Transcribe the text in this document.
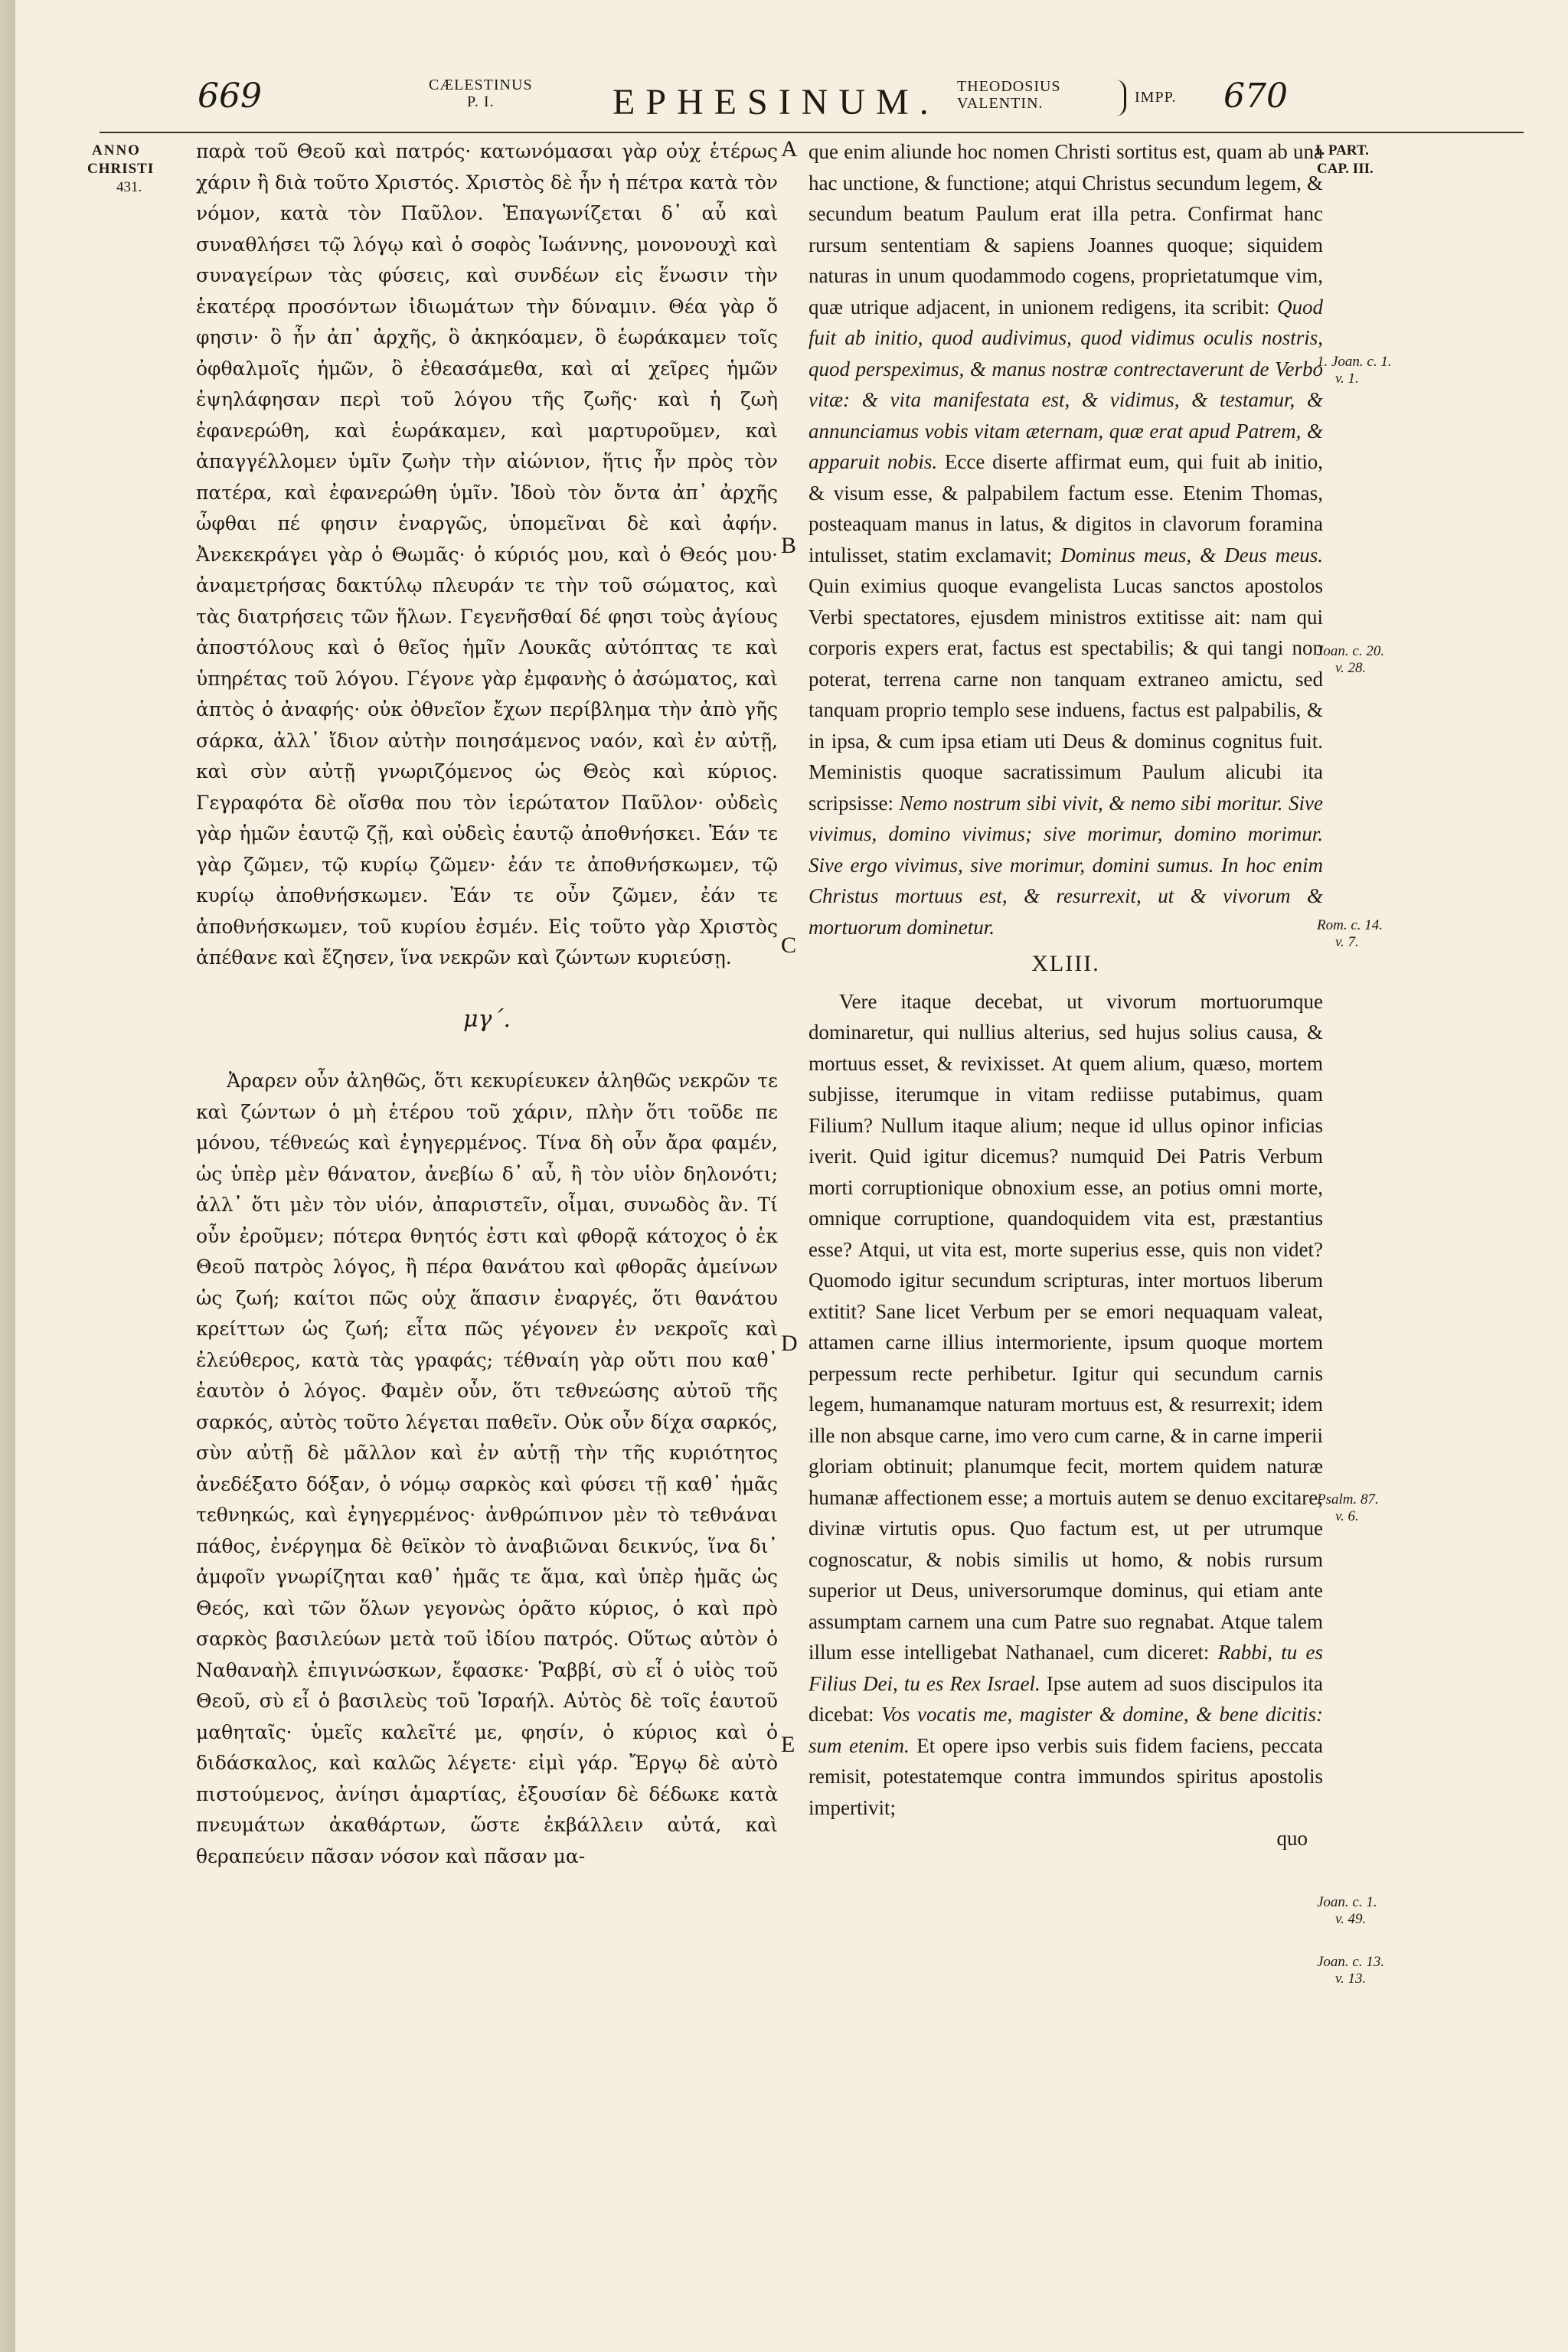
669	CÆLESTINUS
P. I.	EPHESINUM. THEODOSIUS
VALENTIN.	IMPP. 670
ANNO
CHRISTI
431.
I. PART.
CAP. III.
1. Joan. c. 1.
v. 1.
Joan. c. 20.
v. 28.
Rom. c. 14.
v. 7.
Psalm. 87.
v. 6.
Joan. c. 1.
v. 49.
Joan. c. 13.
v. 13.
A
B
C
D
E

παρὰ τοῦ Θεοῦ καὶ πατρός· κατωνόμασαι γὰρ οὐχ ἑτέρως χάριν ἢ διὰ τοῦτο Χριστός. Χριστὸς δὲ ἦν ἡ πέτρα κατὰ τὸν νόμον, κατὰ τὸν Παῦλον. Ἐπαγωνίζεται δ᾽ αὖ καὶ συναθλήσει τῷ λόγῳ καὶ ὁ σοφὸς Ἰωάννης, μονονουχὶ καὶ συναγείρων τὰς φύσεις, καὶ συνδέων εἰς ἕνωσιν τὴν ἑκατέρᾳ προσόντων ἰδιωμάτων τὴν δύναμιν. Θέα γὰρ ὅ φησιν· ὃ ἦν ἀπ᾽ ἀρχῆς, ὃ ἀκηκόαμεν, ὃ ἑωράκαμεν τοῖς ὀφθαλμοῖς ἡμῶν, ὃ ἐθεασάμεθα, καὶ αἱ χεῖρες ἡμῶν ἐψηλάφησαν περὶ τοῦ λόγου τῆς ζωῆς· καὶ ἡ ζωὴ ἐφανερώθη, καὶ ἑωράκαμεν, καὶ μαρτυροῦμεν, καὶ ἀπαγγέλλομεν ὑμῖν ζωὴν τὴν αἰώνιον, ἥτις ἦν πρὸς τὸν πατέρα, καὶ ἐφανερώθη ὑμῖν. Ἰδοὺ τὸν ὄντα ἀπ᾽ ἀρχῆς ὦφθαι πέ φησιν ἐναργῶς, ὑπομεῖναι δὲ καὶ ἀφήν. Ἀνεκεκράγει γὰρ ὁ Θωμᾶς· ὁ κύριός μου, καὶ ὁ Θεός μου· ἀναμετρήσας δακτύλῳ πλευράν τε τὴν τοῦ σώματος, καὶ τὰς διατρήσεις τῶν ἥλων. Γεγενῆσθαί δέ φησι τοὺς ἁγίους ἀποστόλους καὶ ὁ θεῖος ἡμῖν Λουκᾶς αὐτόπτας τε καὶ ὑπηρέτας τοῦ λόγου. Γέγονε γὰρ ἐμφανὴς ὁ ἀσώματος, καὶ ἁπτὸς ὁ ἀναφής· οὐκ ὀθνεῖον ἔχων περίβλημα τὴν ἀπὸ γῆς σάρκα, ἀλλ᾽ ἴδιον αὐτὴν ποιησάμενος ναόν, καὶ ἐν αὐτῇ, καὶ σὺν αὐτῇ γνωριζόμενος ὡς Θεὸς καὶ κύριος. Γεγραφότα δὲ οἴσθα που τὸν ἱερώτατον Παῦλον· οὐδεὶς γὰρ ἡμῶν ἑαυτῷ ζῇ, καὶ οὐδεὶς ἑαυτῷ ἀποθνήσκει. Ἐάν τε γὰρ ζῶμεν, τῷ κυρίῳ ζῶμεν· ἐάν τε ἀποθνήσκωμεν, τῷ κυρίῳ ἀποθνήσκωμεν. Ἐάν τε οὖν ζῶμεν, ἐάν τε ἀποθνήσκωμεν, τοῦ κυρίου ἐσμέν. Εἰς τοῦτο γὰρ Χριστὸς ἀπέθανε καὶ ἔζησεν, ἵνα νεκρῶν καὶ ζώντων κυριεύσῃ.

μγ´.

Ἀραρεν οὖν ἀληθῶς, ὅτι κεκυρίευκεν ἀληθῶς νεκρῶν τε καὶ ζώντων ὁ μὴ ἑτέρου τοῦ χάριν, πλὴν ὅτι τοῦδε πε μόνου, τέθνεώς καὶ ἐγηγερμένος. Τίνα δὴ οὖν ἄρα φαμέν, ὡς ὑπὲρ μὲν θάνατον, ἀνεβίω δ᾽ αὖ, ἢ τὸν υἱὸν δηλονότι; ἀλλ᾽ ὅτι μὲν τὸν υἱόν, ἀπαριστεῖν, οἶμαι, συνωδὸς ἂν. Τί οὖν ἐροῦμεν; πότερα θνητός ἐστι καὶ φθορᾷ κάτοχος ὁ ἐκ Θεοῦ πατρὸς λόγος, ἢ πέρα θανάτου καὶ φθορᾶς ἀμείνων ὡς ζωή; καίτοι πῶς οὐχ ἅπασιν ἐναργές, ὅτι θανάτου κρείττων ὡς ζωή; εἶτα πῶς γέγονεν ἐν νεκροῖς καὶ ἐλεύθερος, κατὰ τὰς γραφάς; τέθναίη γὰρ οὔτι που καθ᾽ ἑαυτὸν ὁ λόγος. Φαμὲν οὖν, ὅτι τεθνεώσης αὐτοῦ τῆς σαρκός, αὐτὸς τοῦτο λέγεται παθεῖν. Οὐκ οὖν δίχα σαρκός, σὺν αὐτῇ δὲ μᾶλλον καὶ ἐν αὐτῇ τὴν τῆς κυριότητος ἀνεδέξατο δόξαν, ὁ νόμῳ σαρκὸς καὶ φύσει τῇ καθ᾽ ἡμᾶς τεθνηκώς, καὶ ἐγηγερμένος· ἀνθρώπινον μὲν τὸ τεθνάναι πάθος, ἐνέργημα δὲ θεϊκὸν τὸ ἀναβιῶναι δεικνύς, ἵνα δι᾽ ἀμφοῖν γνωρίζηται καθ᾽ ἡμᾶς τε ἅμα, καὶ ὑπὲρ ἡμᾶς ὡς Θεός, καὶ τῶν ὅλων γεγονὼς ὁρᾶτο κύριος, ὁ καὶ πρὸ σαρκὸς βασιλεύων μετὰ τοῦ ἰδίου πατρός. Οὕτως αὐτὸν ὁ Ναθαναὴλ ἐπιγινώσκων, ἔφασκε· Ῥαββί, σὺ εἶ ὁ υἱὸς τοῦ Θεοῦ, σὺ εἶ ὁ βασιλεὺς τοῦ Ἰσραήλ. Αὐτὸς δὲ τοῖς ἑαυτοῦ μαθηταῖς· ὑμεῖς καλεῖτέ με, φησίν, ὁ κύριος καὶ ὁ διδάσκαλος, καὶ καλῶς λέγετε· εἰμὶ γάρ. Ἔργῳ δὲ αὐτὸ πιστούμενος, ἀνίησι ἁμαρτίας, ἐξουσίαν δὲ δέδωκε κατὰ πνευμάτων ἀκαθάρτων, ὥστε ἐκβάλλειν αὐτά, καὶ θεραπεύειν πᾶσαν νόσον καὶ πᾶσαν μα-

que enim aliunde hoc nomen Christi sortitus est, quam ab una hac unctione, & functione; atqui Christus secundum legem, & secundum beatum Paulum erat illa petra. Confirmat hanc rursum sententiam & sapiens Joannes quoque; siquidem naturas in unum quodammodo cogens, proprietatumque vim, quæ utrique adjacent, in unionem redigens, ita scribit: Quod fuit ab initio, quod audivimus, quod vidimus oculis nostris, quod perspeximus, & manus nostræ contrectaverunt de Verbo vitæ: & vita manifestata est, & vidimus, & testamur, & annunciamus vobis vitam æternam, quæ erat apud Patrem, & apparuit nobis. Ecce diserte affirmat eum, qui fuit ab initio, & visum esse, & palpabilem factum esse. Etenim Thomas, posteaquam manus in latus, & digitos in clavorum foramina intulisset, statim exclamavit; Dominus meus, & Deus meus. Quin eximius quoque evangelista Lucas sanctos apostolos Verbi spectatores, ejusdem ministros extitisse ait: nam qui corporis expers erat, factus est spectabilis; & qui tangi non poterat, terrena carne non tanquam extraneo amictu, sed tanquam proprio templo sese induens, factus est palpabilis, & in ipsa, & cum ipsa etiam uti Deus & dominus cognitus fuit. Meministis quoque sacratissimum Paulum alicubi ita scripsisse: Nemo nostrum sibi vivit, & nemo sibi moritur. Sive vivimus, domino vivimus; sive morimur, domino morimur. Sive ergo vivimus, sive morimur, domini sumus. In hoc enim Christus mortuus est, & resurrexit, ut & vivorum & mortuorum dominetur.

XLIII.

Vere itaque decebat, ut vivorum mortuorumque dominaretur, qui nullius alterius, sed hujus solius causa, & mortuus esset, & revixisset. At quem alium, quæso, mortem subjisse, iterumque in vitam rediisse putabimus, quam Filium? Nullum itaque alium; neque id ullus opinor inficias iverit. Quid igitur dicemus? numquid Dei Patris Verbum morti corruptionique obnoxium esse, an potius omni morte, omnique corruptione, quandoquidem vita est, præstantius esse? Atqui, ut vita est, morte superius esse, quis non videt? Quomodo igitur secundum scripturas, inter mortuos liberum extitit? Sane licet Verbum per se emori nequaquam valeat, attamen carne illius intermoriente, ipsum quoque mortem perpessum recte perhibetur. Igitur qui secundum carnis legem, humanamque naturam mortuus est, & resurrexit; idem ille non absque carne, imo vero cum carne, & in carne imperii gloriam obtinuit; planumque fecit, mortem quidem naturæ humanæ affectionem esse; a mortuis autem se denuo excitare, divinæ virtutis opus. Quo factum est, ut per utrumque cognoscatur, & nobis similis ut homo, & nobis rursum superior ut Deus, universorumque dominus, qui etiam ante assumptam carnem una cum Patre suo regnabat. Atque talem illum esse intelligebat Nathanael, cum diceret: Rabbi, tu es Filius Dei, tu es Rex Israel. Ipse autem ad suos discipulos ita dicebat: Vos vocatis me, magister & domine, & bene dicitis: sum etenim. Et opere ipso verbis suis fidem faciens, peccata remisit, potestatemque contra immundos spiritus apostolis impertivit;

quo
